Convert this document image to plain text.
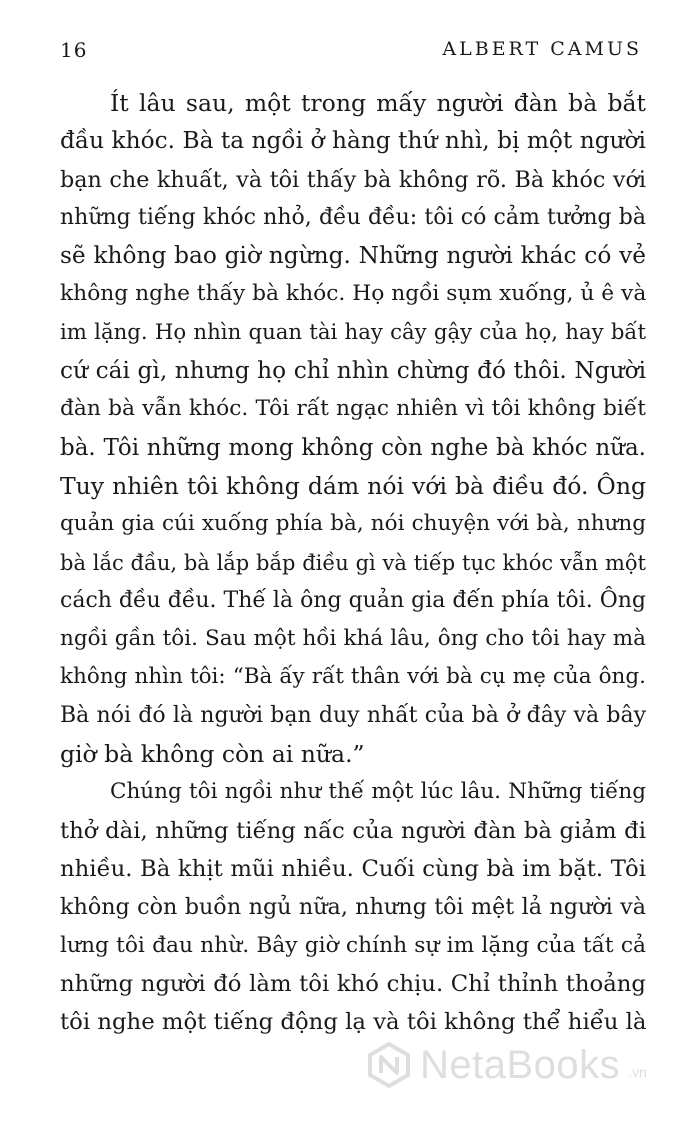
16	ALBERT CAMUS
Ít lâu sau, một trong mấy người đàn bà bắt
đầu khóc. Bà ta ngồi ở hàng thứ nhì, bị một người
bạn che khuất, và tôi thấy bà không rõ. Bà khóc với
những tiếng khóc nhỏ, đều đều: tôi có cảm tưởng bà
sẽ không bao giờ ngừng. Những người khác có vẻ
không nghe thấy bà khóc. Họ ngồi sụm xuống, ủ ê và
im lặng. Họ nhìn quan tài hay cây gậy của họ, hay bất
cứ cái gì, nhưng họ chỉ nhìn chừng đó thôi. Người
đàn bà vẫn khóc. Tôi rất ngạc nhiên vì tôi không biết
bà. Tôi những mong không còn nghe bà khóc nữa.
Tuy nhiên tôi không dám nói với bà điều đó. Ông
quản gia cúi xuống phía bà, nói chuyện với bà, nhưng
bà lắc đầu, bà lắp bắp điều gì và tiếp tục khóc vẫn một
cách đều đều. Thế là ông quản gia đến phía tôi. Ông
ngồi gần tôi. Sau một hồi khá lâu, ông cho tôi hay mà
không nhìn tôi: “Bà ấy rất thân với bà cụ mẹ của ông.
Bà nói đó là người bạn duy nhất của bà ở đây và bây
giờ bà không còn ai nữa.”
Chúng tôi ngồi như thế một lúc lâu. Những tiếng
thở dài, những tiếng nấc của người đàn bà giảm đi
nhiều. Bà khịt mũi nhiều. Cuối cùng bà im bặt. Tôi
không còn buồn ngủ nữa, nhưng tôi mệt lả người và
lưng tôi đau nhừ. Bây giờ chính sự im lặng của tất cả
những người đó làm tôi khó chịu. Chỉ thỉnh thoảng
tôi nghe một tiếng động lạ và tôi không thể hiểu là
NetaBooks .vn
